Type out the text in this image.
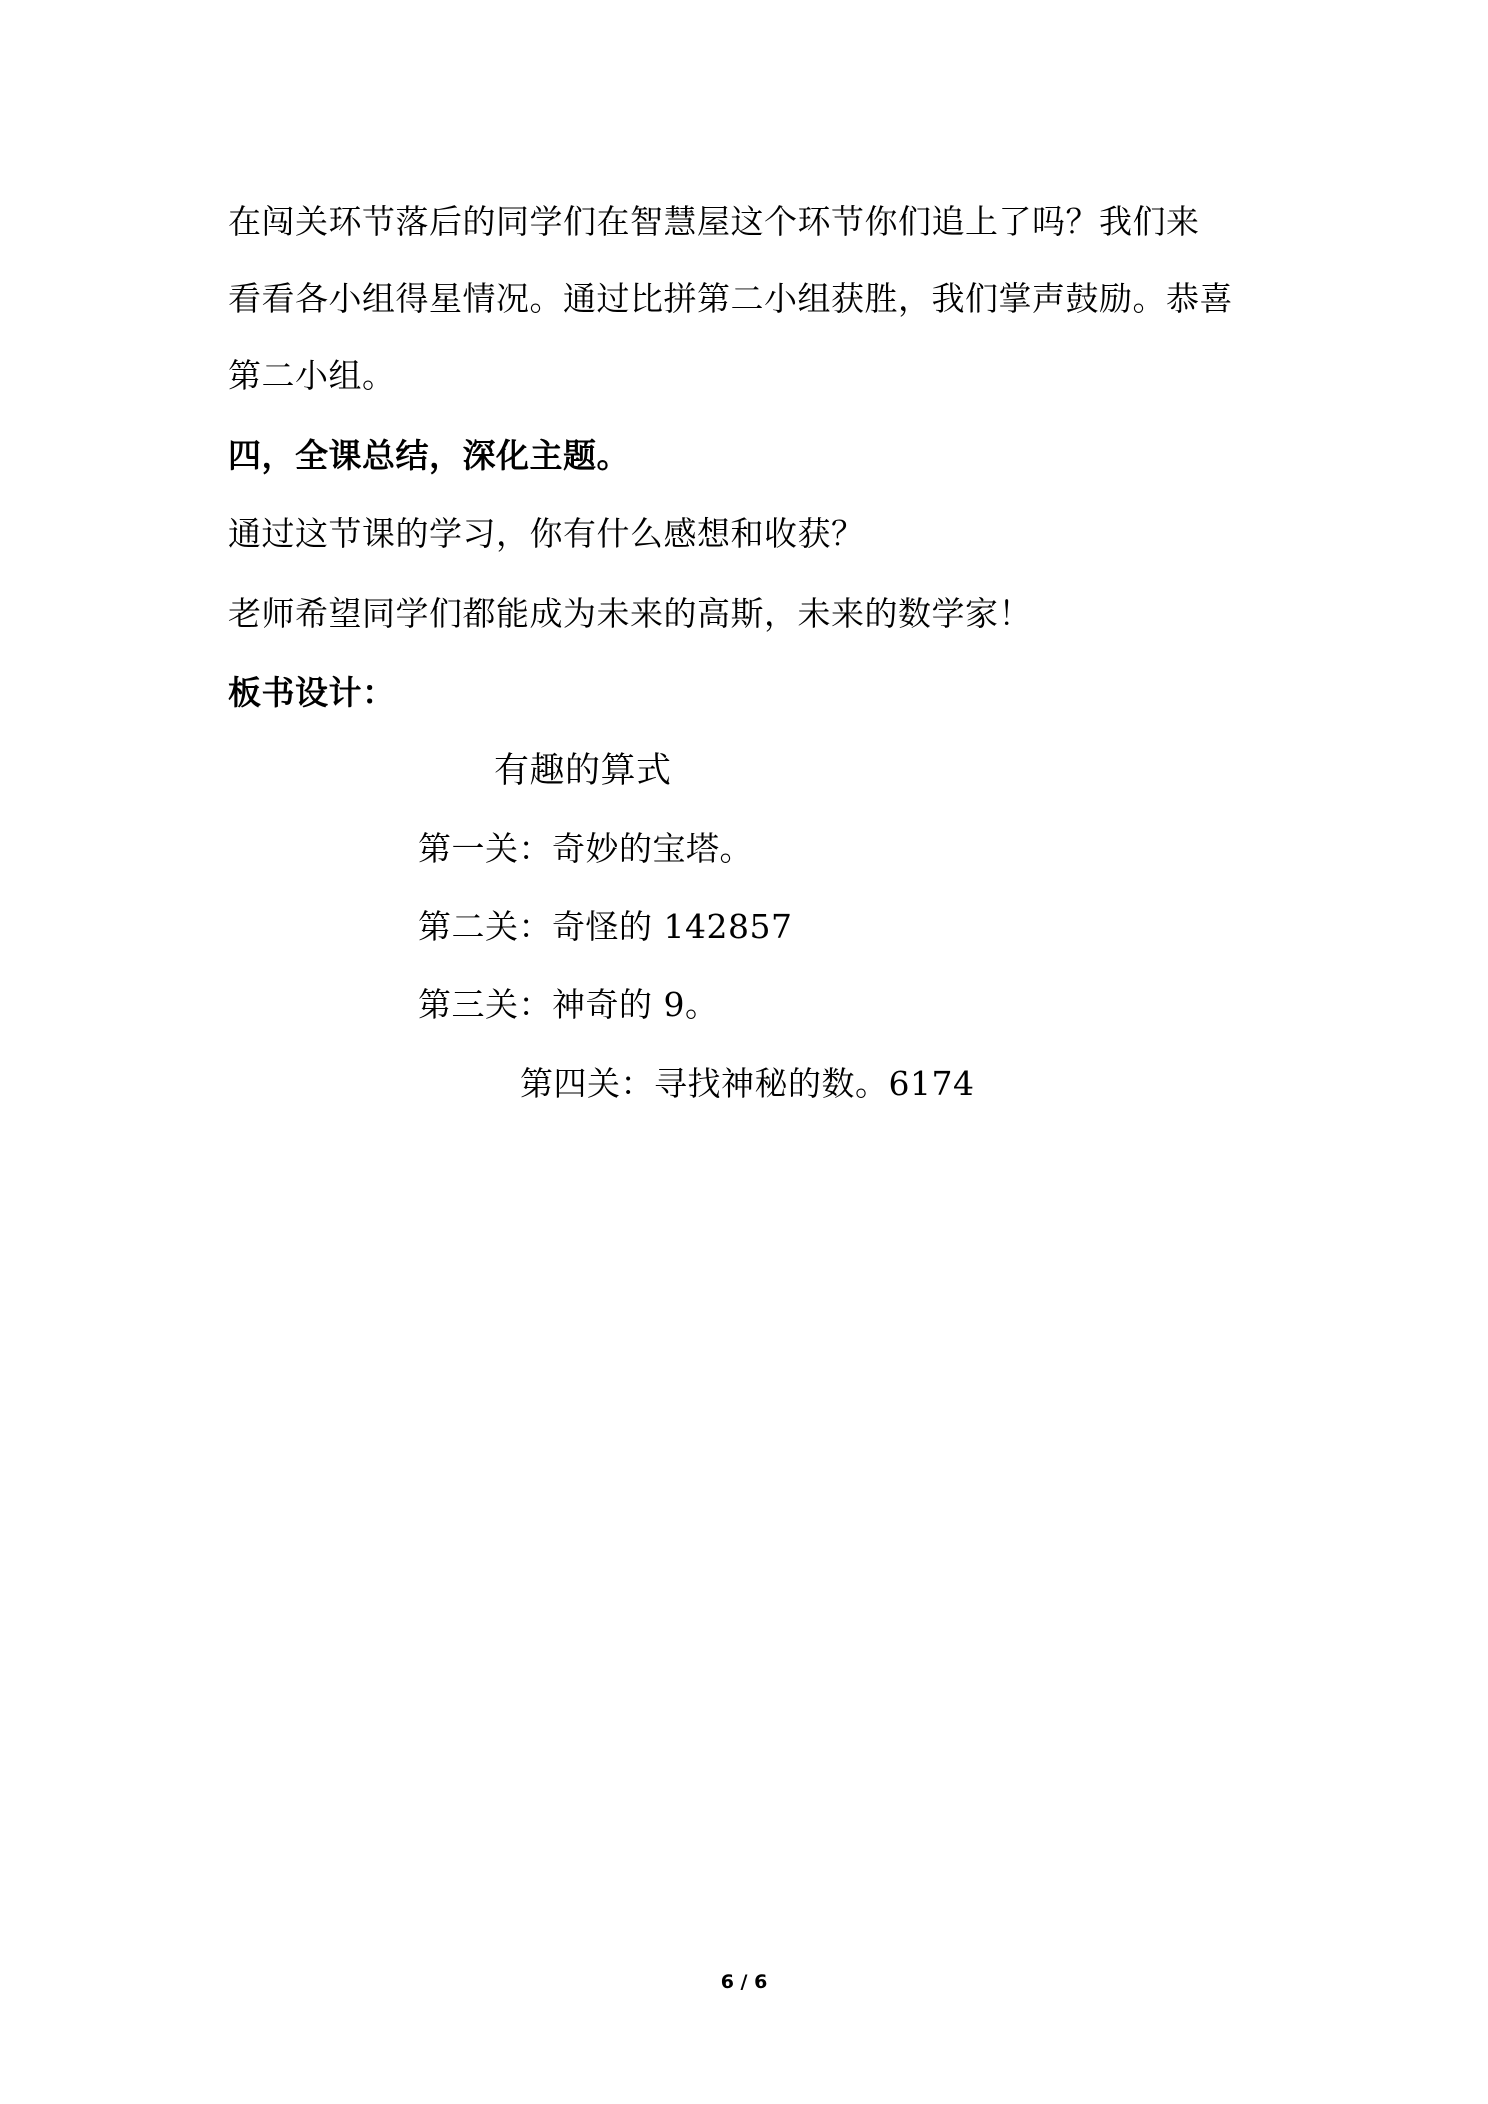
在闯关环节落后的同学们在智慧屋这个环节你们追上了吗？我们来
看看各小组得星情况。通过比拼第二小组获胜，我们掌声鼓励。恭喜
第二小组。
四，全课总结，深化主题。
通过这节课的学习，你有什么感想和收获？
老师希望同学们都能成为未来的高斯，未来的数学家！
板书设计：
有趣的算式
第一关：奇妙的宝塔。
第二关：奇怪的 142857
第三关：神奇的 9。
第四关：寻找神秘的数。6174
6 / 6
